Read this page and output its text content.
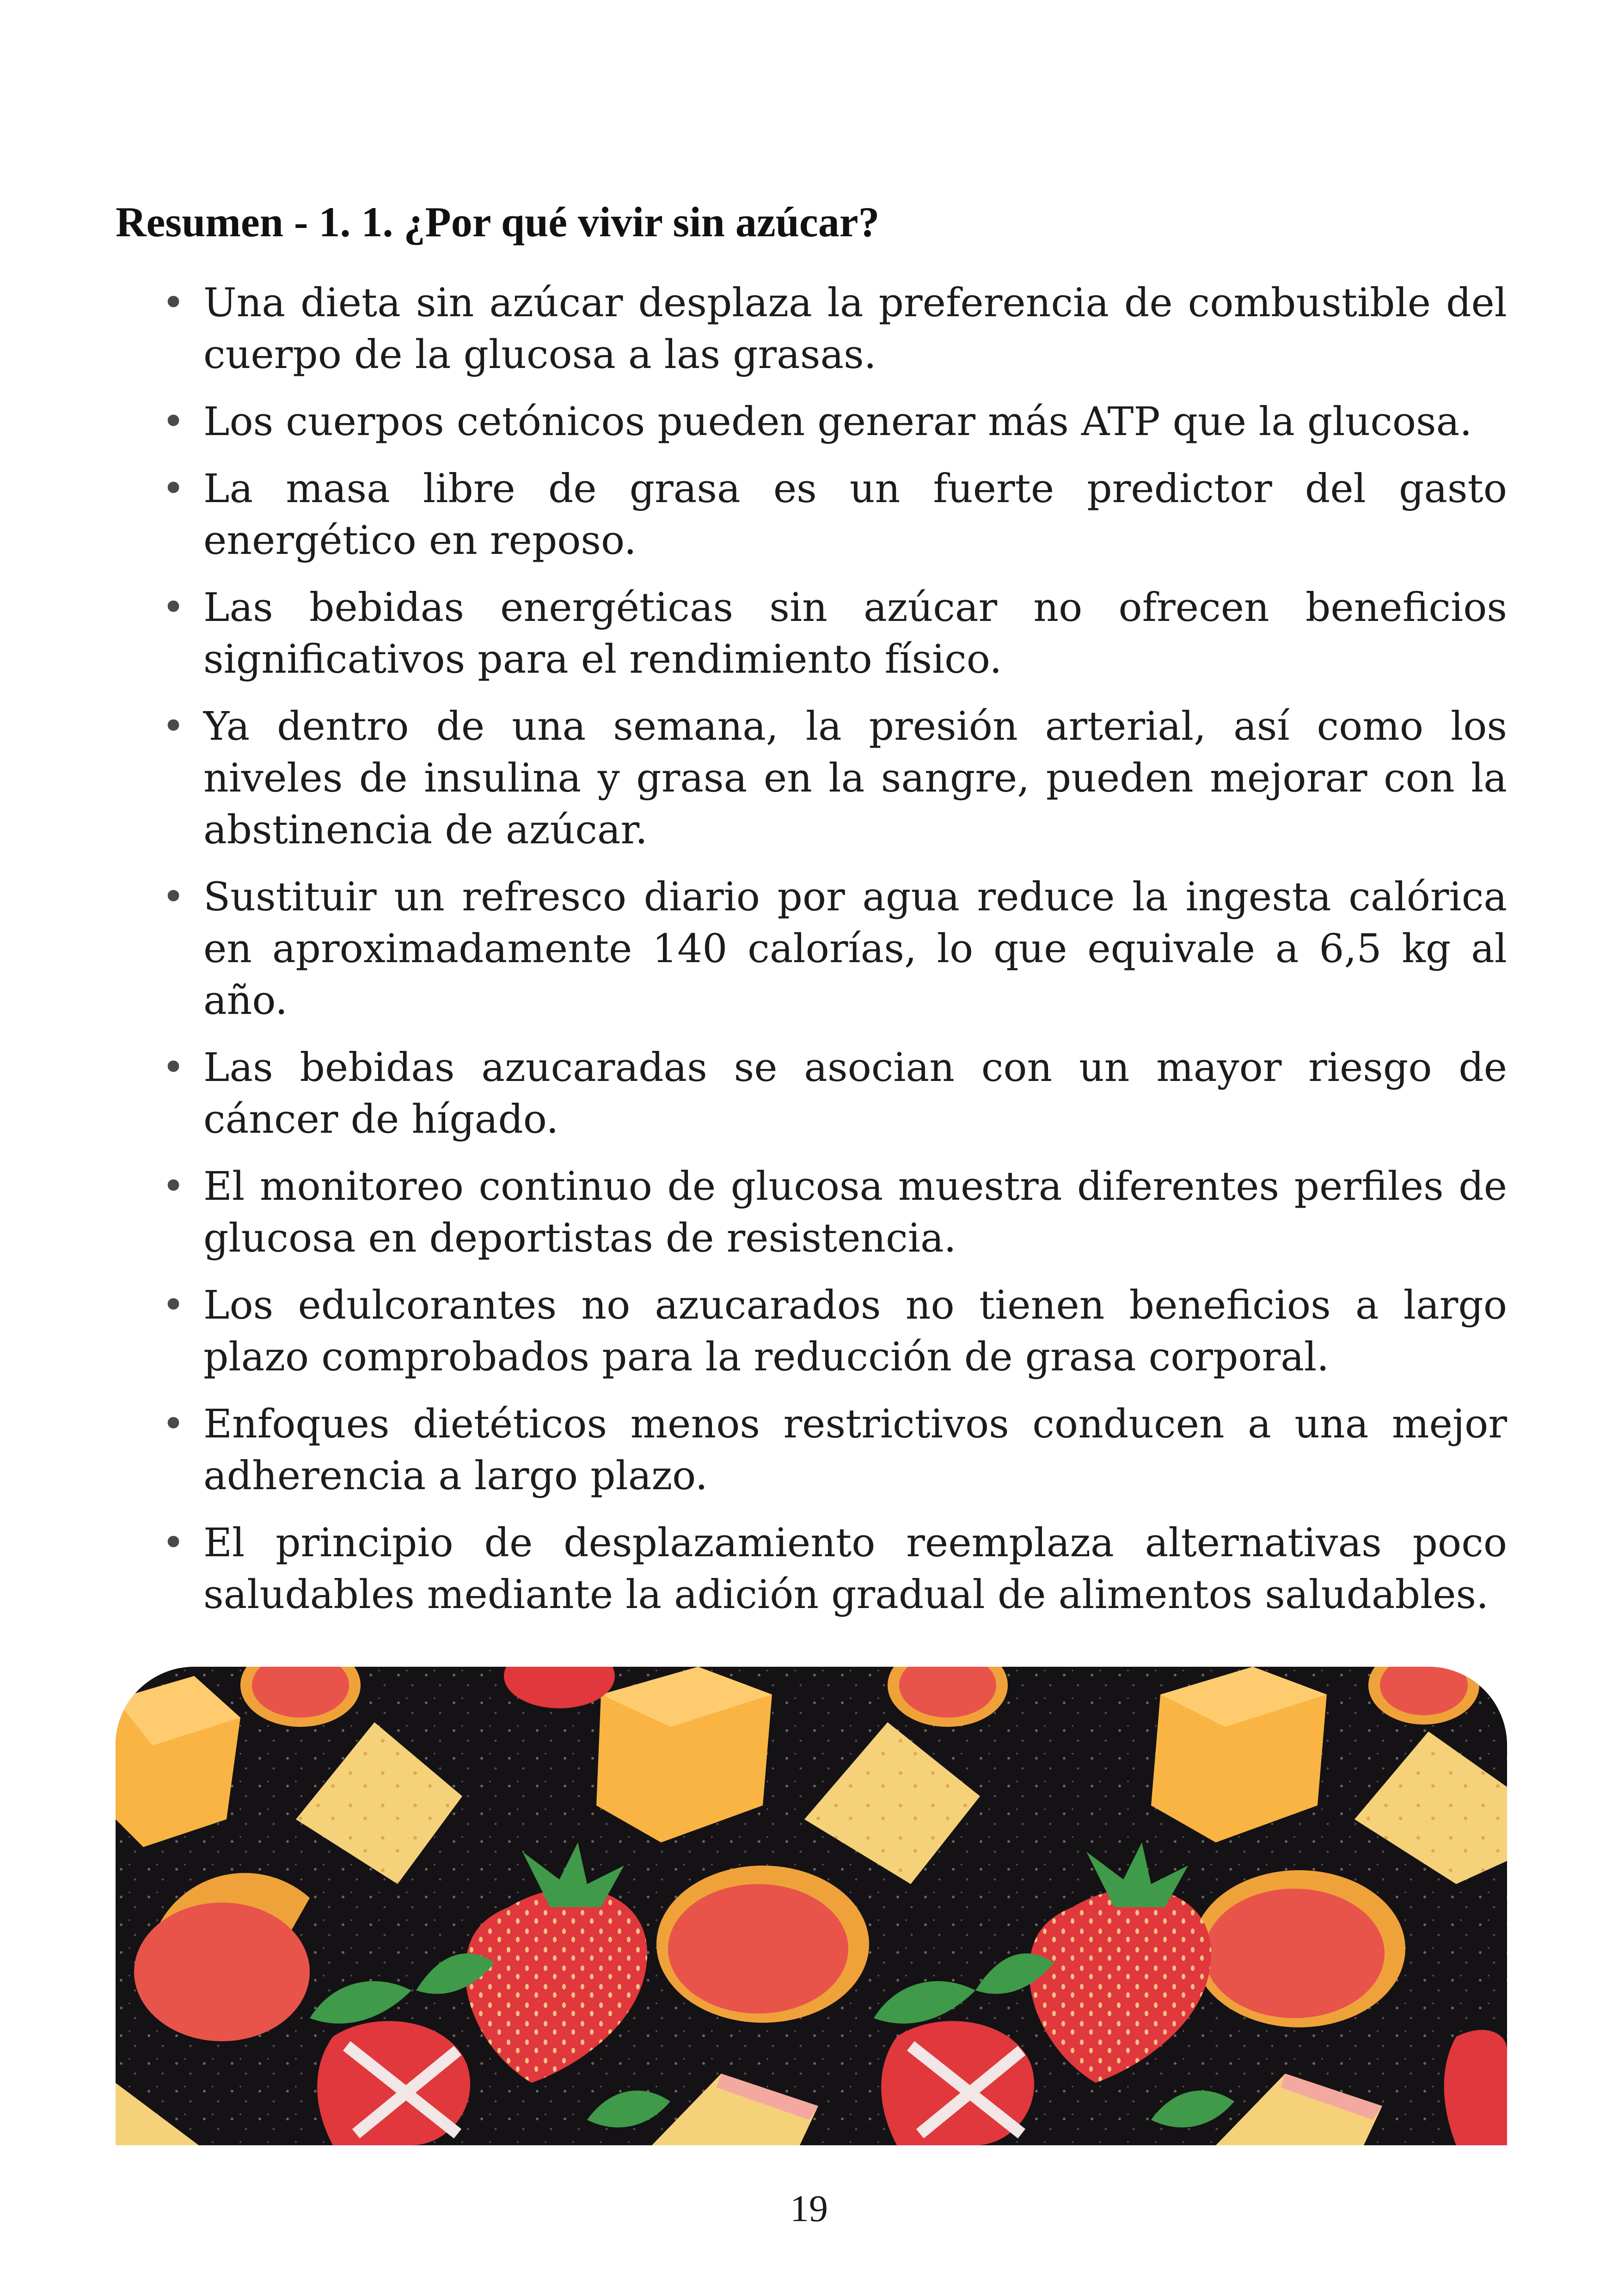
Resumen - 1. 1. ¿Por qué vivir sin azúcar?
• Una dieta sin azúcar desplaza la preferencia de combustible del cuerpo de la glucosa a las grasas.
• Los cuerpos cetónicos pueden generar más ATP que la glucosa.
• La masa libre de grasa es un fuerte predictor del gasto energético en reposo.
• Las bebidas energéticas sin azúcar no ofrecen beneficios significativos para el rendimiento físico.
• Ya dentro de una semana, la presión arterial, así como los niveles de insulina y grasa en la sangre, pueden mejorar con la abstinencia de azúcar.
• Sustituir un refresco diario por agua reduce la ingesta calórica en aproximadamente 140 calorías, lo que equivale a 6,5 kg al año.
• Las bebidas azucaradas se asocian con un mayor riesgo de cáncer de hígado.
• El monitoreo continuo de glucosa muestra diferentes perfiles de glucosa en deportistas de resistencia.
• Los edulcorantes no azucarados no tienen beneficios a largo plazo comprobados para la reducción de grasa corporal.
• Enfoques dietéticos menos restrictivos conducen a una mejor adherencia a largo plazo.
• El principio de desplazamiento reemplaza alternativas poco saludables mediante la adición gradual de alimentos saludables.
19
